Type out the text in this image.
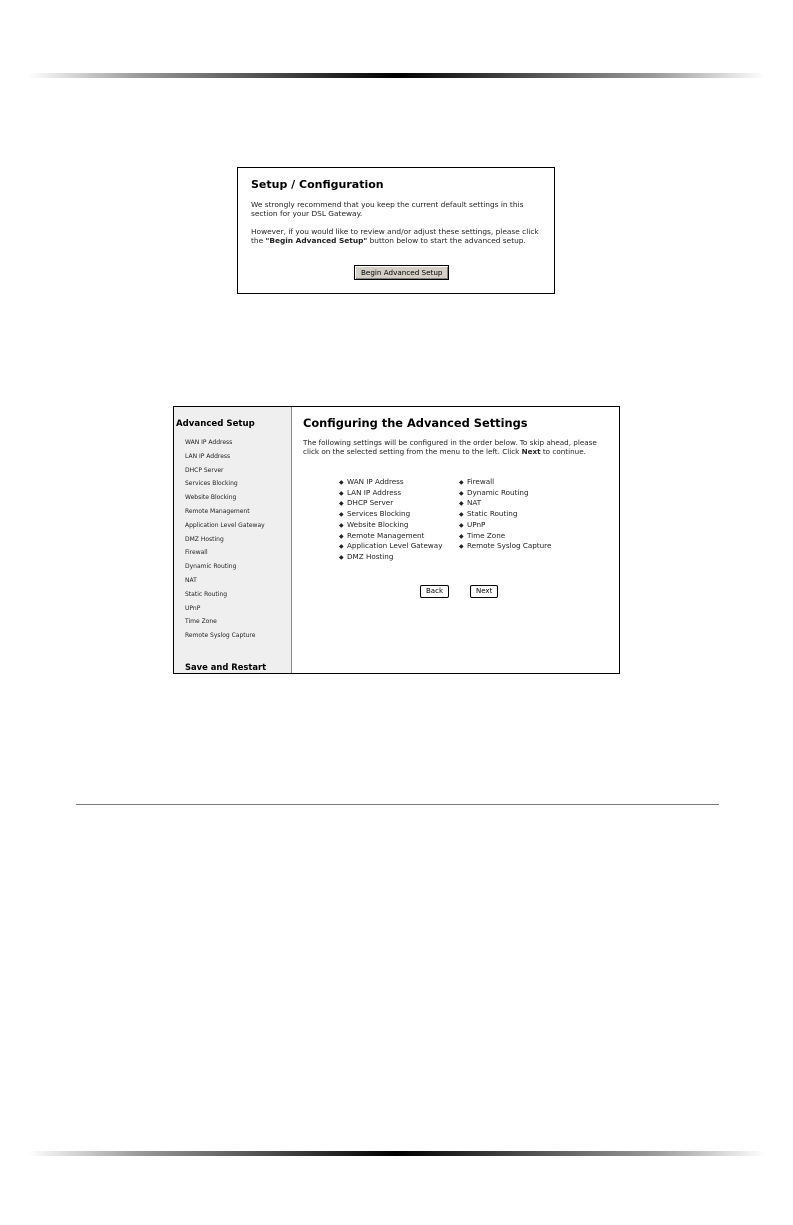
Setup / Configuration
We strongly recommend that you keep the current default settings in this section for your DSL Gateway.
However, if you would like to review and/or adjust these settings, please click the "Begin Advanced Setup" button below to start the advanced setup.
Begin Advanced Setup
Advanced Setup
WAN IP Address
LAN IP Address
DHCP Server
Services Blocking
Website Blocking
Remote Management
Application Level Gateway
DMZ Hosting
Firewall
Dynamic Routing
NAT
Static Routing
UPnP
Time Zone
Remote Syslog Capture
Save and Restart
Configuring the Advanced Settings
The following settings will be configured in the order below. To skip ahead, please click on the selected setting from the menu to the left. Click Next to continue.
◆ WAN IP Address
◆ LAN IP Address
◆ DHCP Server
◆ Services Blocking
◆ Website Blocking
◆ Remote Management
◆ Application Level Gateway
◆ DMZ Hosting
◆ Firewall
◆ Dynamic Routing
◆ NAT
◆ Static Routing
◆ UPnP
◆ Time Zone
◆ Remote Syslog Capture
Back	Next
